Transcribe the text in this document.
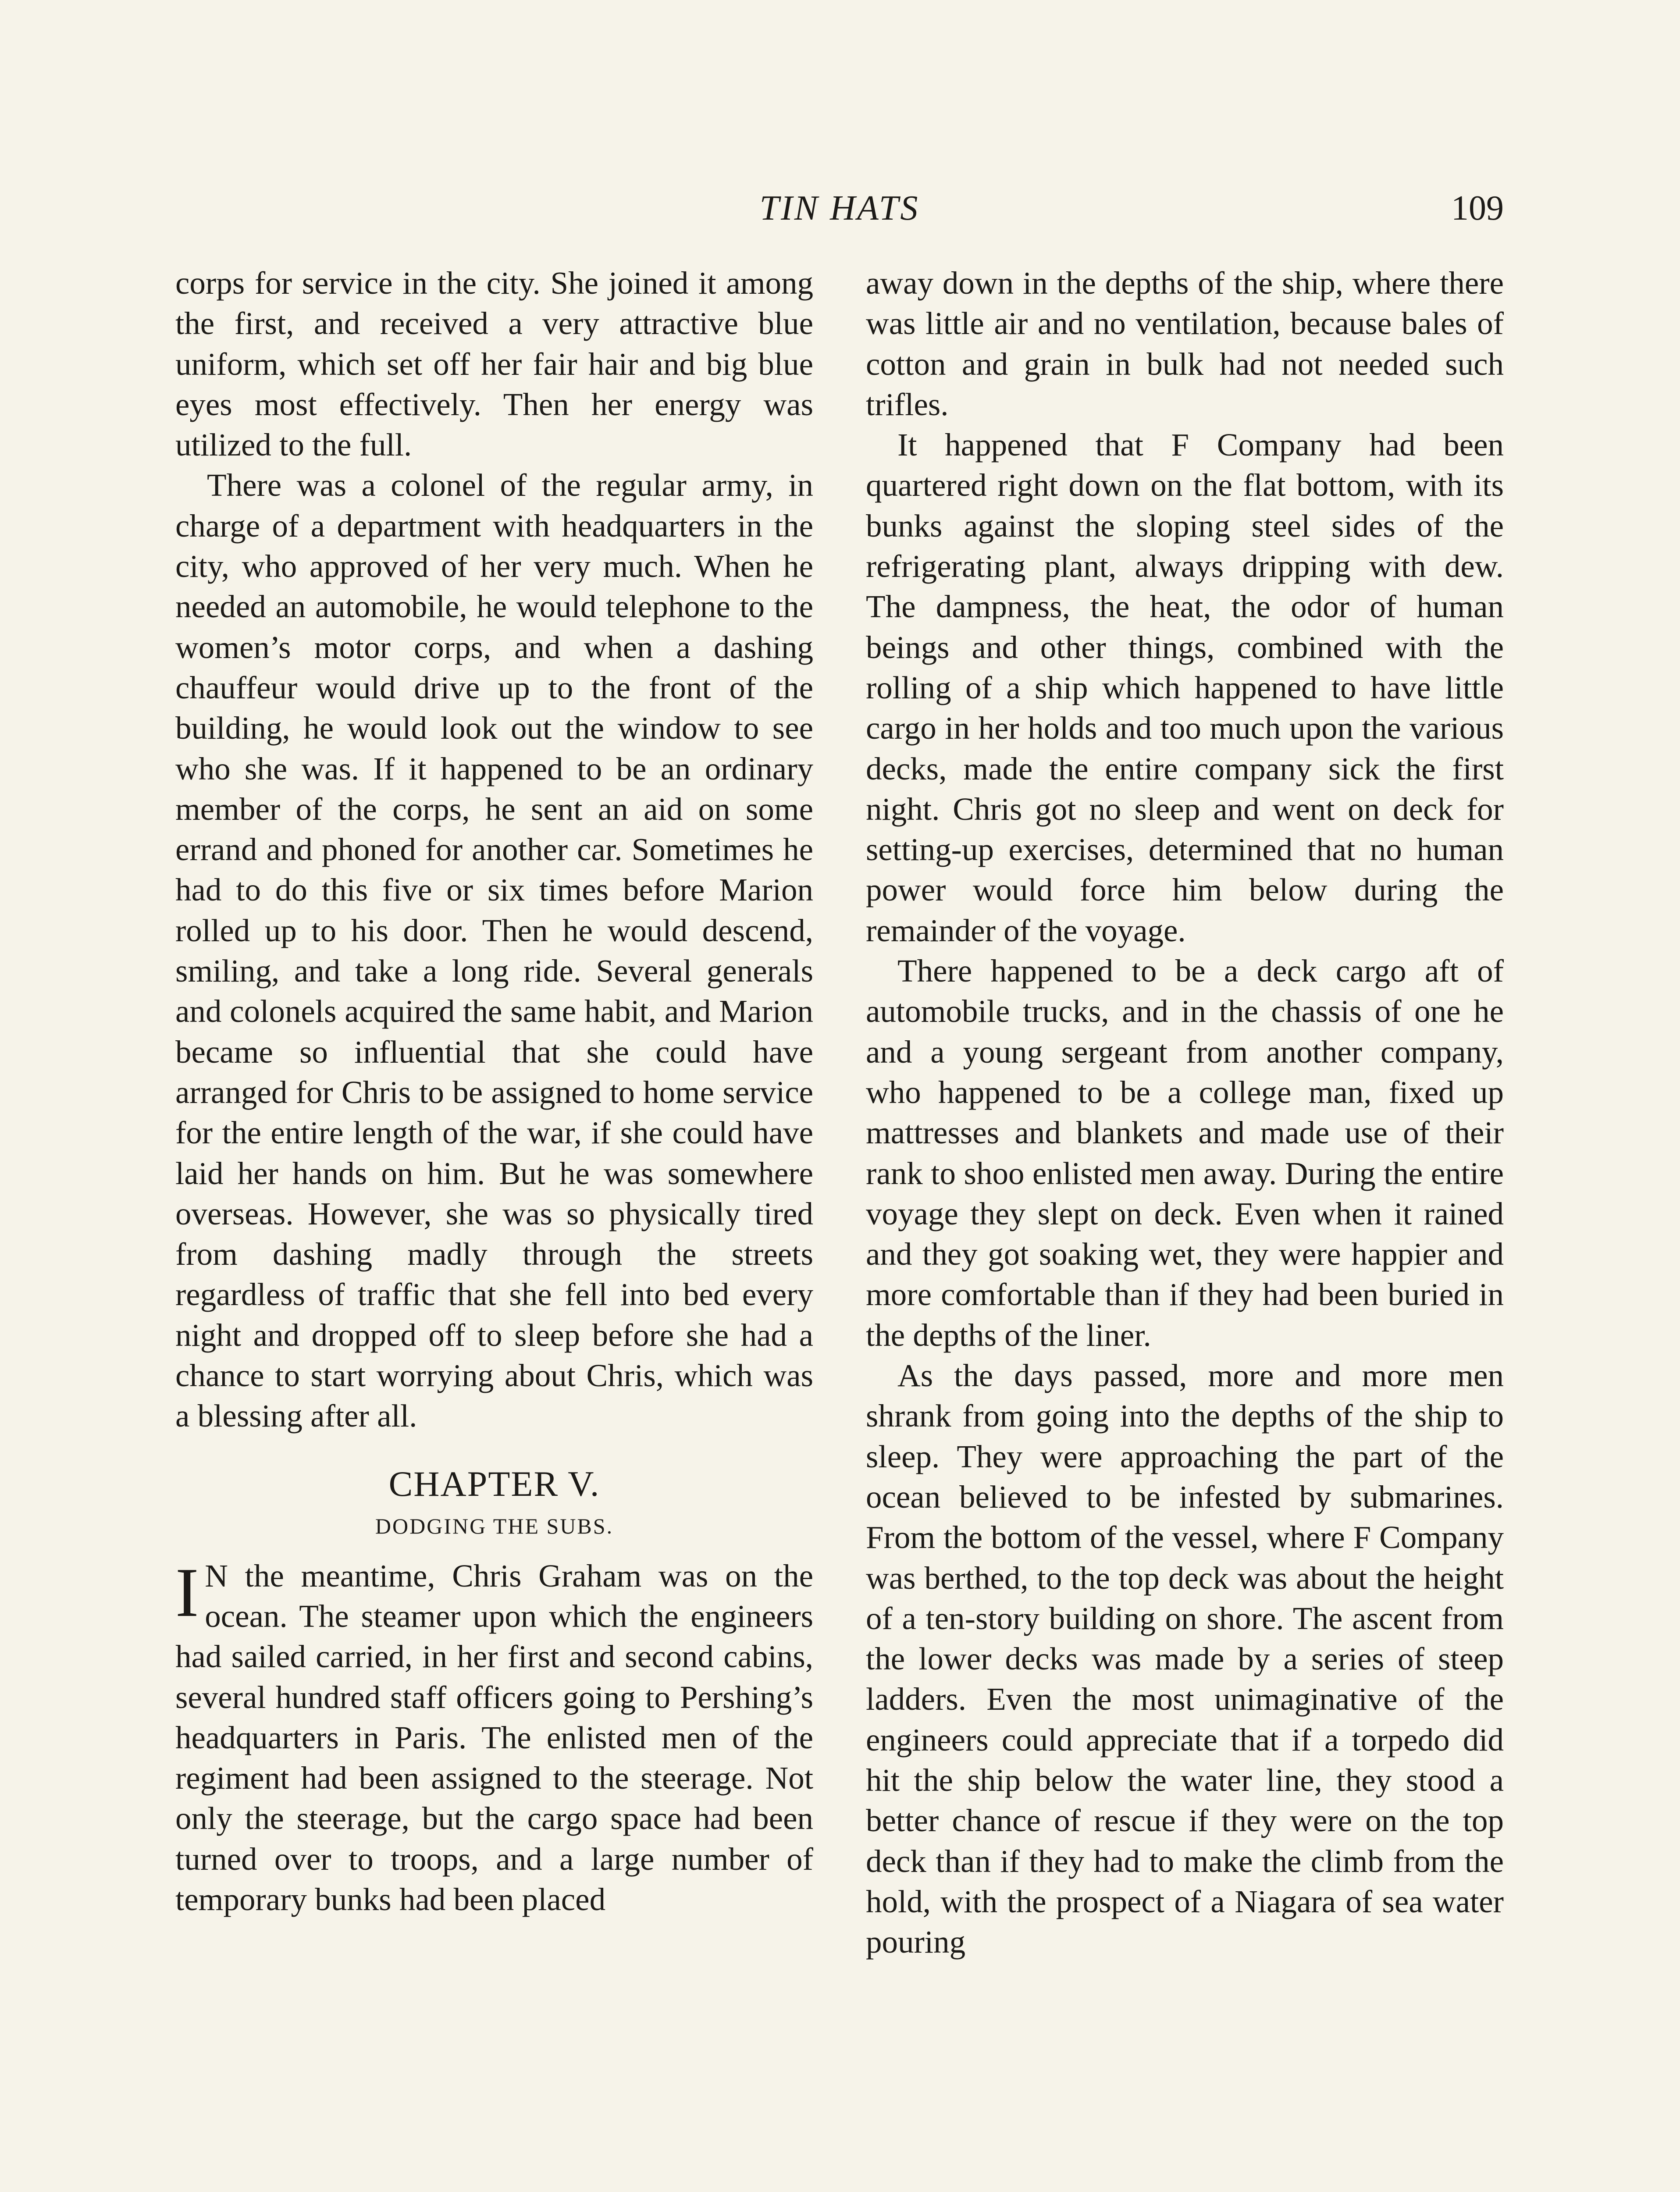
TIN HATS	109

corps for service in the city. She joined it among the first, and received a very attractive blue uniform, which set off her fair hair and big blue eyes most effectively. Then her energy was utilized to the full.

There was a colonel of the regular army, in charge of a department with headquarters in the city, who approved of her very much. When he needed an automobile, he would telephone to the women’s motor corps, and when a dashing chauffeur would drive up to the front of the building, he would look out the window to see who she was. If it happened to be an ordinary member of the corps, he sent an aid on some errand and phoned for another car. Sometimes he had to do this five or six times before Marion rolled up to his door. Then he would descend, smiling, and take a long ride. Several generals and colonels acquired the same habit, and Marion became so influential that she could have arranged for Chris to be assigned to home service for the entire length of the war, if she could have laid her hands on him. But he was somewhere overseas. However, she was so physically tired from dashing madly through the streets regardless of traffic that she fell into bed every night and dropped off to sleep before she had a chance to start worrying about Chris, which was a blessing after all.

CHAPTER V.
DODGING THE SUBS.

I N the meantime, Chris Graham was on the ocean. The steamer upon which the engineers had sailed carried, in her first and second cabins, several hundred staff officers going to Pershing’s headquarters in Paris. The enlisted men of the regiment had been assigned to the steerage. Not only the steerage, but the cargo space had been turned over to troops, and a large number of temporary bunks had been placed

away down in the depths of the ship, where there was little air and no ventilation, because bales of cotton and grain in bulk had not needed such trifles.

It happened that F Company had been quartered right down on the flat bottom, with its bunks against the sloping steel sides of the refrigerating plant, always dripping with dew. The dampness, the heat, the odor of human beings and other things, combined with the rolling of a ship which happened to have little cargo in her holds and too much upon the various decks, made the entire company sick the first night. Chris got no sleep and went on deck for setting-up exercises, determined that no human power would force him below during the remainder of the voyage.

There happened to be a deck cargo aft of automobile trucks, and in the chassis of one he and a young sergeant from another company, who happened to be a college man, fixed up mattresses and blankets and made use of their rank to shoo enlisted men away. During the entire voyage they slept on deck. Even when it rained and they got soaking wet, they were happier and more comfortable than if they had been buried in the depths of the liner.

As the days passed, more and more men shrank from going into the depths of the ship to sleep. They were approaching the part of the ocean believed to be infested by submarines. From the bottom of the vessel, where F Company was berthed, to the top deck was about the height of a ten-story building on shore. The ascent from the lower decks was made by a series of steep ladders. Even the most unimaginative of the engineers could appreciate that if a torpedo did hit the ship below the water line, they stood a better chance of rescue if they were on the top deck than if they had to make the climb from the hold, with the prospect of a Niagara of sea water pouring
